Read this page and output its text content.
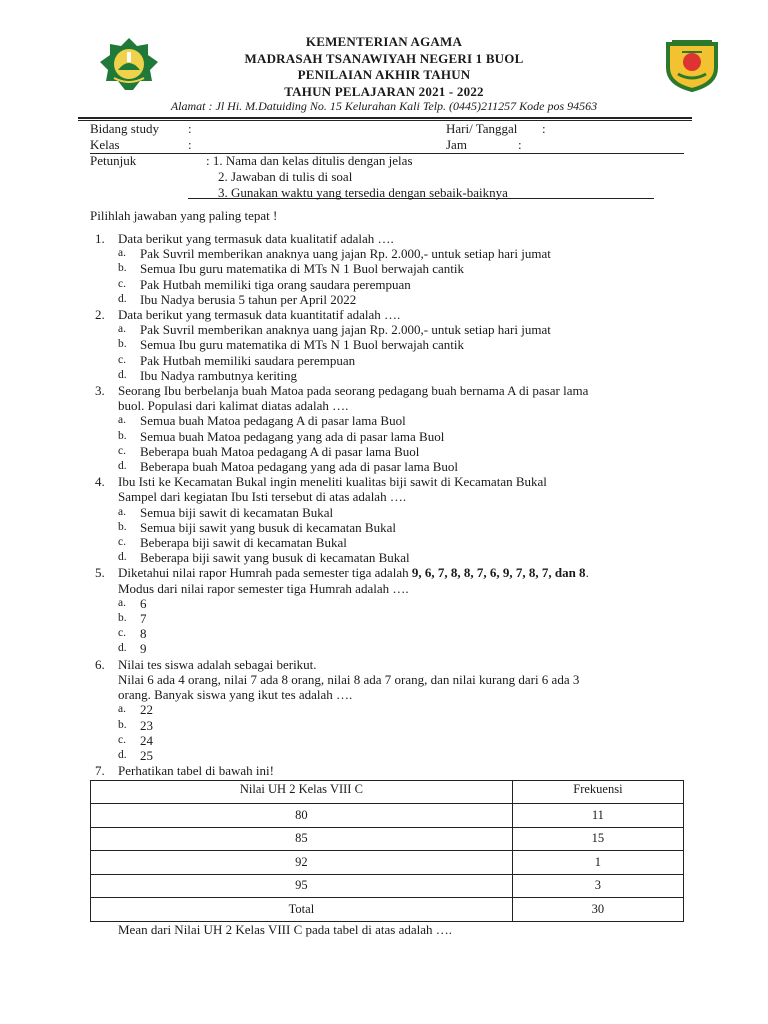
KEMENTERIAN AGAMA
MADRASAH TSANAWIYAH NEGERI 1 BUOL
PENILAIAN AKHIR TAHUN
TAHUN PELAJARAN 2021 - 2022
Alamat : Jl Hi. M.Datuiding No. 15 Kelurahan Kali Telp. (0445)211257 Kode pos 94563
Bidang study :	Hari/ Tanggal :
Kelas	:	Jam	:
Petunjuk	: 1. Nama dan kelas ditulis dengan jelas
2. Jawaban di tulis di soal
3. Gunakan waktu yang tersedia dengan sebaik-baiknya
Pilihlah jawaban yang paling tepat !
1. Data berikut yang termasuk data kualitatif adalah ….
a. Pak Suvril memberikan anaknya uang jajan Rp. 2.000,- untuk setiap hari jumat
b. Semua Ibu guru matematika di MTs N 1 Buol berwajah cantik
c. Pak Hutbah memiliki tiga orang saudara perempuan
d. Ibu Nadya berusia 5 tahun per April 2022
2. Data berikut yang termasuk data kuantitatif adalah ….
a. Pak Suvril memberikan anaknya uang jajan Rp. 2.000,- untuk setiap hari jumat
b. Semua Ibu guru matematika di MTs N 1 Buol berwajah cantik
c. Pak Hutbah memiliki saudara perempuan
d. Ibu Nadya rambutnya keriting
3. Seorang Ibu berbelanja buah Matoa pada seorang pedagang buah bernama A di pasar lama
buol. Populasi dari kalimat diatas adalah ….
a. Semua buah Matoa pedagang A di pasar lama Buol
b. Semua buah Matoa pedagang yang ada di pasar lama Buol
c. Beberapa buah Matoa pedagang A di pasar lama Buol
d. Beberapa buah Matoa pedagang yang ada di pasar lama Buol
4. Ibu Isti ke Kecamatan Bukal ingin meneliti kualitas biji sawit di Kecamatan Bukal
Sampel dari kegiatan Ibu Isti tersebut di atas adalah ….
a. Semua biji sawit di kecamatan Bukal
b. Semua biji sawit yang busuk di kecamatan Bukal
c. Beberapa biji sawit di kecamatan Bukal
d. Beberapa biji sawit yang busuk di kecamatan Bukal
5. Diketahui nilai rapor Humrah pada semester tiga adalah 9, 6, 7, 8, 8, 7, 6, 9, 7, 8, 7, dan 8.
Modus dari nilai rapor semester tiga Humrah adalah ….
a. 6
b. 7
c. 8
d. 9
6. Nilai tes siswa adalah sebagai berikut.
Nilai 6 ada 4 orang, nilai 7 ada 8 orang, nilai 8 ada 7 orang, dan nilai kurang dari 6 ada 3
orang. Banyak siswa yang ikut tes adalah ….
a. 22
b. 23
c. 24
d. 25
7. Perhatikan tabel di bawah ini!
Nilai UH 2 Kelas VIII C	Frekuensi
80	11
85	15
92	1
95	3
Total	30
Mean dari Nilai UH 2 Kelas VIII C pada tabel di atas adalah ….
